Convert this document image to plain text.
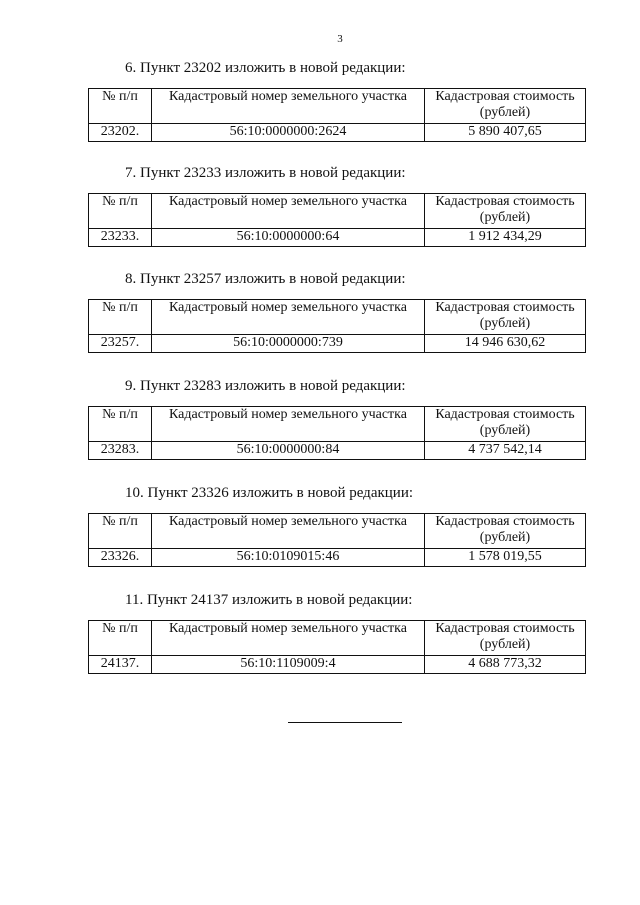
3
6. Пункт 23202 изложить в новой редакции:
№ п/п	Кадастровый номер земельного участка	Кадастровая стоимость
(рублей)
23202.	56:10:0000000:2624	5 890 407,65
7. Пункт 23233 изложить в новой редакции:
№ п/п	Кадастровый номер земельного участка	Кадастровая стоимость
(рублей)
23233.	56:10:0000000:64	1 912 434,29
8. Пункт 23257 изложить в новой редакции:
№ п/п	Кадастровый номер земельного участка	Кадастровая стоимость
(рублей)
23257.	56:10:0000000:739	14 946 630,62
9. Пункт 23283 изложить в новой редакции:
№ п/п	Кадастровый номер земельного участка	Кадастровая стоимость
(рублей)
23283.	56:10:0000000:84	4 737 542,14
10. Пункт 23326 изложить в новой редакции:
№ п/п	Кадастровый номер земельного участка	Кадастровая стоимость
(рублей)
23326.	56:10:0109015:46	1 578 019,55
11. Пункт 24137 изложить в новой редакции:
№ п/п	Кадастровый номер земельного участка	Кадастровая стоимость
(рублей)
24137.	56:10:1109009:4	4 688 773,32
